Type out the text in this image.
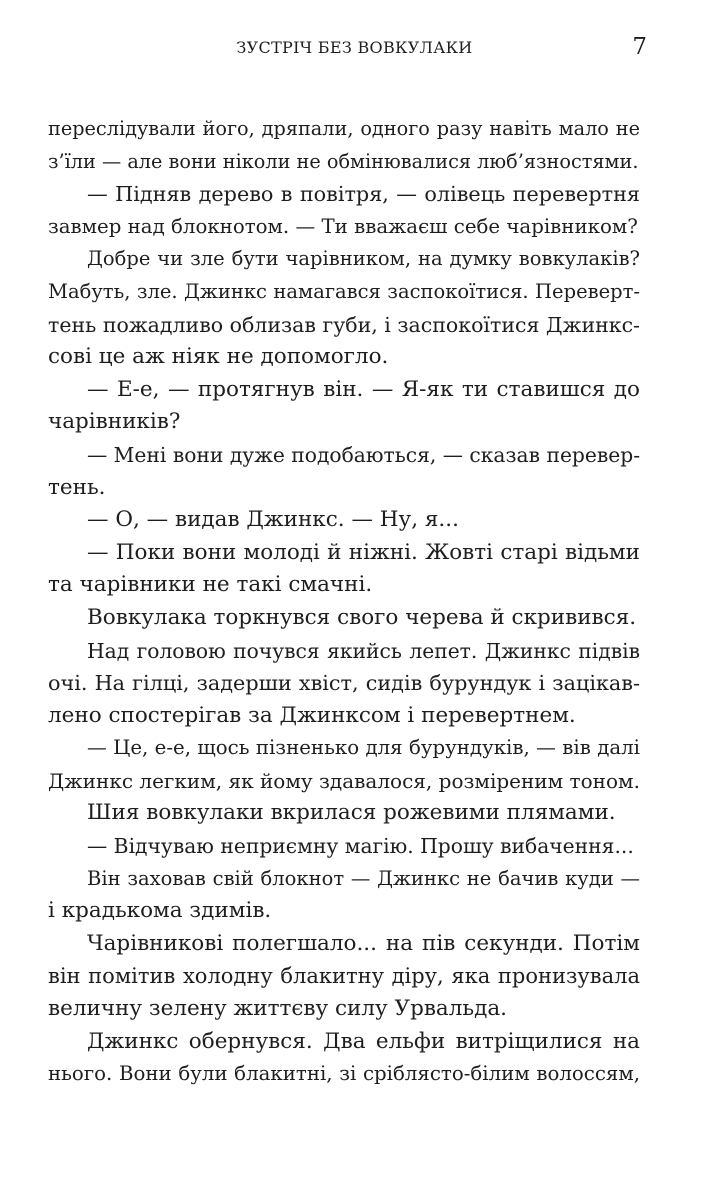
ЗУСТРІЧ БЕЗ ВОВКУЛАКИ	7
переслідували його, дряпали, одного разу навіть мало не
з’їли — але вони ніколи не обмінювалися люб’язностями.
— Підняв дерево в повітря, — олівець перевертня
завмер над блокнотом. — Ти вважаєш себе чарівником?
Добре чи зле бути чарівником, на думку вовкулаків?
Мабуть, зле. Джинкс намагався заспокоїтися. Переверт-
тень пожадливо облизав губи, і заспокоїтися Джинкс-
сові це аж ніяк не допомогло.
— Е-е, — протягнув він. — Я-як ти ставишся до
чарівників?
— Мені вони дуже подобаються, — сказав перевер-
тень.
— О, — видав Джинкс. — Ну, я...
— Поки вони молоді й ніжні. Жовті старі відьми
та чарівники не такі смачні.
Вовкулака торкнувся свого черева й скривився.
Над головою почувся якийсь лепет. Джинкс підвів
очі. На гілці, задерши хвіст, сидів бурундук і зацікав-
лено спостерігав за Джинксом і перевертнем.
— Це, е-е, щось пізненько для бурундуків, — вів далі
Джинкс легким, як йому здавалося, розміреним тоном.
Шия вовкулаки вкрилася рожевими плямами.
— Відчуваю неприємну магію. Прошу вибачення...
Він заховав свій блокнот — Джинкс не бачив куди —
і крадькома здимів.
Чарівникові полегшало... на пів секунди. Потім
він помітив холодну блакитну діру, яка пронизувала
величну зелену життєву силу Урвальда.
Джинкс обернувся. Два ельфи витріщилися на
нього. Вони були блакитні, зі сріблясто-білим волоссям,
